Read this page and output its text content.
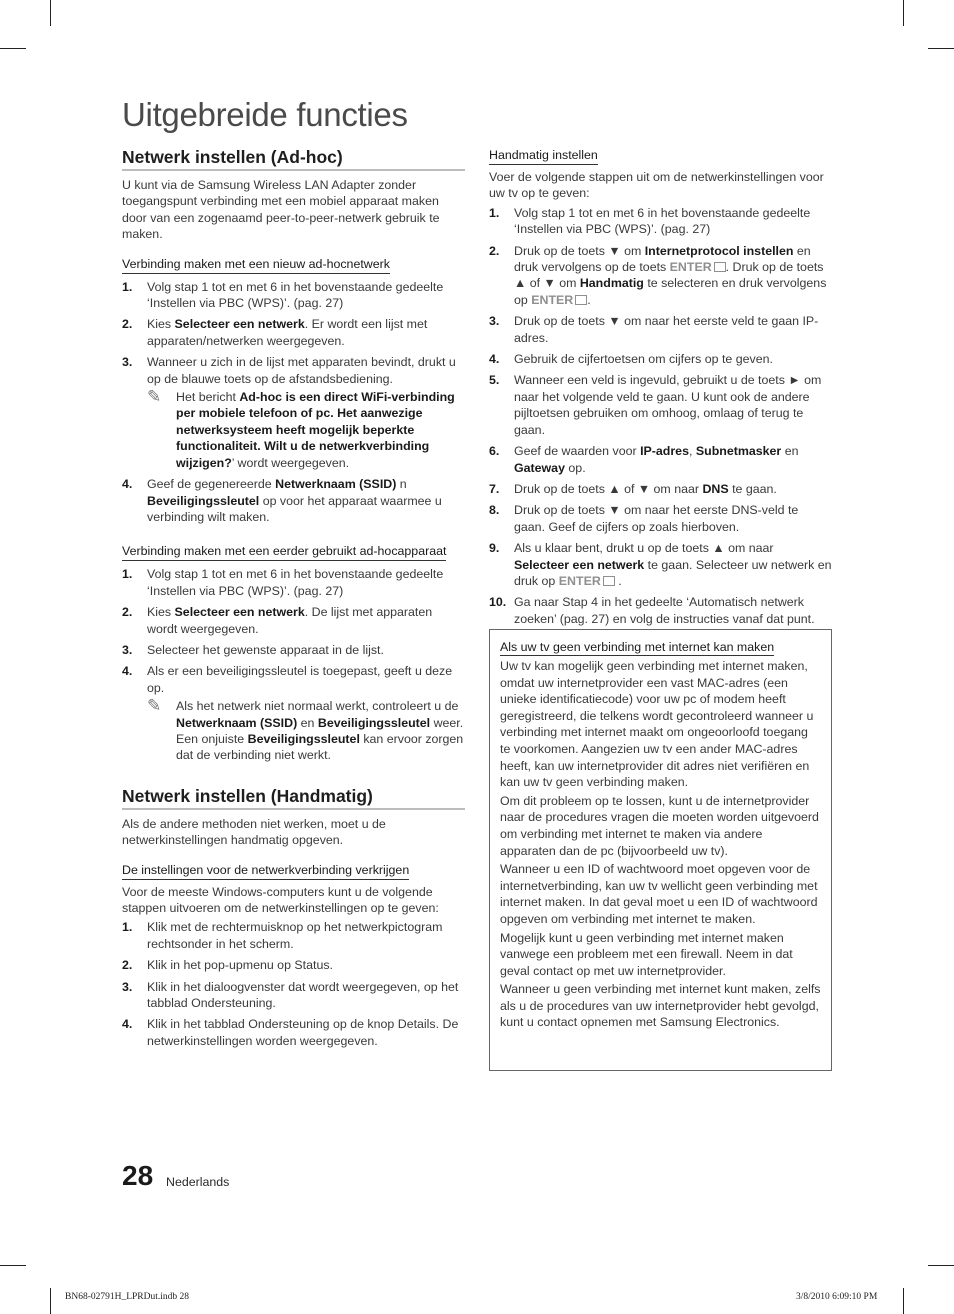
Uitgebreide functies
Netwerk instellen (Ad-hoc)

U kunt via de Samsung Wireless LAN Adapter zonder toegangspunt verbinding met een mobiel apparaat maken door van een zogenaamd peer-to-peer-netwerk gebruik te maken.

Verbinding maken met een nieuw ad-hocnetwerk
1.	Volg stap 1 tot en met 6 in het bovenstaande gedeelte ‘Instellen via PBC (WPS)’. (pag. 27)
2.	Kies Selecteer een netwerk. Er wordt een lijst met apparaten/netwerken weergegeven.
3.	Wanneer u zich in de lijst met apparaten bevindt, drukt u op de blauwe toets op de afstandsbediening.
✎	Het bericht Ad-hoc is een direct WiFi-verbinding per mobiele telefoon of pc. Het aanwezige netwerksysteem heeft mogelijk beperkte functionaliteit. Wilt u de netwerkverbinding wijzigen?’ wordt weergegeven.
4.	Geef de gegenereerde Netwerknaam (SSID) n Beveiligingssleutel op voor het apparaat waarmee u verbinding wilt maken.
Verbinding maken met een eerder gebruikt ad-hocapparaat
1.	Volg stap 1 tot en met 6 in het bovenstaande gedeelte ‘Instellen via PBC (WPS)’. (pag. 27)
2.	Kies Selecteer een netwerk. De lijst met apparaten wordt weergegeven.
3.	Selecteer het gewenste apparaat in de lijst.
4.	Als er een beveiligingssleutel is toegepast, geeft u deze op.
✎	Als het netwerk niet normaal werkt, controleert u de Netwerknaam (SSID) en Beveiligingssleutel weer. Een onjuiste Beveiligingssleutel kan ervoor zorgen dat de verbinding niet werkt.
Netwerk instellen (Handmatig)

Als de andere methoden niet werken, moet u de netwerkinstellingen handmatig opgeven.

De instellingen voor de netwerkverbinding verkrijgen

Voor de meeste Windows-computers kunt u de volgende stappen uitvoeren om de netwerkinstellingen op te geven:

1.	Klik met de rechtermuisknop op het netwerkpictogram rechtsonder in het scherm.
2.	Klik in het pop-upmenu op Status.
3.	Klik in het dialoogvenster dat wordt weergegeven, op het tabblad Ondersteuning.
4.	Klik in het tabblad Ondersteuning op de knop Details. De netwerkinstellingen worden weergegeven.
Handmatig instellen

Voer de volgende stappen uit om de netwerkinstellingen voor uw tv op te geven:

1.	Volg stap 1 tot en met 6 in het bovenstaande gedeelte ‘Instellen via PBC (WPS)’. (pag. 27)
2.	Druk op de toets ▼ om Internetprotocol instellen en druk vervolgens op de toets ENTER . Druk op de toets ▲ of ▼ om Handmatig te selecteren en druk vervolgens op ENTER .
3.	Druk op de toets ▼ om naar het eerste veld te gaan IP-adres.
4.	Gebruik de cijfertoetsen om cijfers op te geven.
5.	Wanneer een veld is ingevuld, gebruikt u de toets ► om naar het volgende veld te gaan. U kunt ook de andere pijltoetsen gebruiken om omhoog, omlaag of terug te gaan.
6.	Geef de waarden voor IP-adres, Subnetmasker en Gateway op.
7.	Druk op de toets ▲ of ▼ om naar DNS te gaan.
8.	Druk op de toets ▼ om naar het eerste DNS-veld te gaan. Geef de cijfers op zoals hierboven.
9.	Als u klaar bent, drukt u op de toets ▲ om naar Selecteer een netwerk te gaan. Selecteer uw netwerk en druk op ENTER .
10. Ga naar Stap 4 in het gedeelte ‘Automatisch netwerk zoeken’ (pag. 27) en volg de instructies vanaf dat punt.
Als uw tv geen verbinding met internet kan maken

Uw tv kan mogelijk geen verbinding met internet maken, omdat uw internetprovider een vast MAC-adres (een unieke identificatiecode) voor uw pc of modem heeft geregistreerd, die telkens wordt gecontroleerd wanneer u verbinding met internet maakt om ongeoorloofd toegang te voorkomen. Aangezien uw tv een ander MAC-adres heeft, kan uw internetprovider dit adres niet verifiëren en kan uw tv geen verbinding maken.

Om dit probleem op te lossen, kunt u de internetprovider naar de procedures vragen die moeten worden uitgevoerd om verbinding met internet te maken via andere apparaten dan de pc (bijvoorbeeld uw tv).

Wanneer u een ID of wachtwoord moet opgeven voor de internetverbinding, kan uw tv wellicht geen verbinding met internet maken. In dat geval moet u een ID of wachtwoord opgeven om verbinding met internet te maken.

Mogelijk kunt u geen verbinding met internet maken vanwege een probleem met een firewall. Neem in dat geval contact op met uw internetprovider.

Wanneer u geen verbinding met internet kunt maken, zelfs als u de procedures van uw internetprovider hebt gevolgd, kunt u contact opnemen met Samsung Electronics.

28 Nederlands
BN68-02791H_LPRDut.indb 28	3/8/2010 6:09:10 PM
